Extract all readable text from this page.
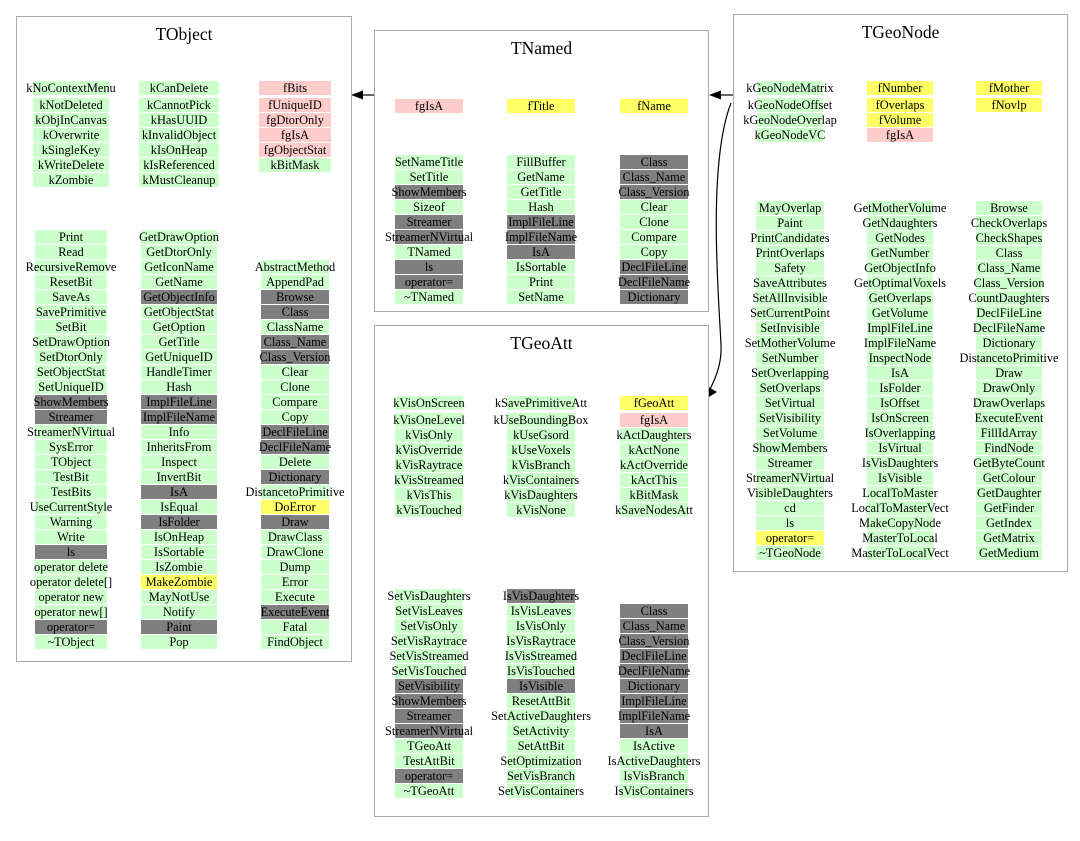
TObject
kNoContextMenu
kNotDeleted
kObjInCanvas
kOverwrite
kSingleKey
kWriteDelete
kZombie
kCanDelete
kCannotPick
kHasUUID
kInvalidObject
kIsOnHeap
kIsReferenced
kMustCleanup
fBits
fUniqueID
fgDtorOnly
fgIsA
fgObjectStat
kBitMask
Print
Read
RecursiveRemove
ResetBit
SaveAs
SavePrimitive
SetBit
SetDrawOption
SetDtorOnly
SetObjectStat
SetUniqueID
ShowMembers
Streamer
StreamerNVirtual
SysError
TObject
TestBit
TestBits
UseCurrentStyle
Warning
Write
ls
operator delete
operator delete[]
operator new
operator new[]
operator=
~TObject
GetDrawOption
GetDtorOnly
GetIconName
GetName
GetObjectInfo
GetObjectStat
GetOption
GetTitle
GetUniqueID
HandleTimer
Hash
ImplFileLine
ImplFileName
Info
InheritsFrom
Inspect
InvertBit
IsA
IsEqual
IsFolder
IsOnHeap
IsSortable
IsZombie
MakeZombie
MayNotUse
Notify
Paint
Pop
AbstractMethod
AppendPad
Browse
Class
ClassName
Class_Name
Class_Version
Clear
Clone
Compare
Copy
DeclFileLine
DeclFileName
Delete
Dictionary
DistancetoPrimitive
DoError
Draw
DrawClass
DrawClone
Dump
Error
Execute
ExecuteEvent
Fatal
FindObject
TNamed
fgIsA	fTitle	fName
SetNameTitle
SetTitle
ShowMembers
Sizeof
Streamer
StreamerNVirtual
TNamed
ls
operator=
~TNamed
FillBuffer
GetName
GetTitle
Hash
ImplFileLine
ImplFileName
IsA
IsSortable
Print
SetName
Class
Class_Name
Class_Version
Clear
Clone
Compare
Copy
DeclFileLine
DeclFileName
Dictionary
TGeoAtt
kVisOnScreen
kVisOneLevel
kVisOnly
kVisOverride
kVisRaytrace
kVisStreamed
kVisThis
kVisTouched
kSavePrimitiveAtt
kUseBoundingBox
kUseGsord
kUseVoxels
kVisBranch
kVisContainers
kVisDaughters
kVisNone
fGeoAtt
fgIsA
kActDaughters
kActNone
kActOverride
kActThis
kBitMask
kSaveNodesAtt
SetVisDaughters
SetVisLeaves
SetVisOnly
SetVisRaytrace
SetVisStreamed
SetVisTouched
SetVisibility
ShowMembers
Streamer
StreamerNVirtual
TGeoAtt
TestAttBit
operator=
~TGeoAtt
IsVisDaughters
IsVisLeaves
IsVisOnly
IsVisRaytrace
IsVisStreamed
IsVisTouched
IsVisible
ResetAttBit
SetActiveDaughters
SetActivity
SetAttBit
SetOptimization
SetVisBranch
SetVisContainers
Class
Class_Name
Class_Version
DeclFileLine
DeclFileName
Dictionary
ImplFileLine
ImplFileName
IsA
IsActive
IsActiveDaughters
IsVisBranch
IsVisContainers
TGeoNode
kGeoNodeMatrix
kGeoNodeOffset
kGeoNodeOverlap
kGeoNodeVC
fNumber
fOverlaps
fVolume
fgIsA
fMother
fNovlp
MayOverlap
Paint
PrintCandidates
PrintOverlaps
Safety
SaveAttributes
SetAllInvisible
SetCurrentPoint
SetInvisible
SetMotherVolume
SetNumber
SetOverlapping
SetOverlaps
SetVirtual
SetVisibility
SetVolume
ShowMembers
Streamer
StreamerNVirtual
VisibleDaughters
cd
ls
operator=
~TGeoNode
GetMotherVolume
GetNdaughters
GetNodes
GetNumber
GetObjectInfo
GetOptimalVoxels
GetOverlaps
GetVolume
ImplFileLine
ImplFileName
InspectNode
IsA
IsFolder
IsOffset
IsOnScreen
IsOverlapping
IsVirtual
IsVisDaughters
IsVisible
LocalToMaster
LocalToMasterVect
MakeCopyNode
MasterToLocal
MasterToLocalVect
Browse
CheckOverlaps
CheckShapes
Class
Class_Name
Class_Version
CountDaughters
DeclFileLine
DeclFileName
Dictionary
DistancetoPrimitive
Draw
DrawOnly
DrawOverlaps
ExecuteEvent
FillIdArray
FindNode
GetByteCount
GetColour
GetDaughter
GetFinder
GetIndex
GetMatrix
GetMedium
